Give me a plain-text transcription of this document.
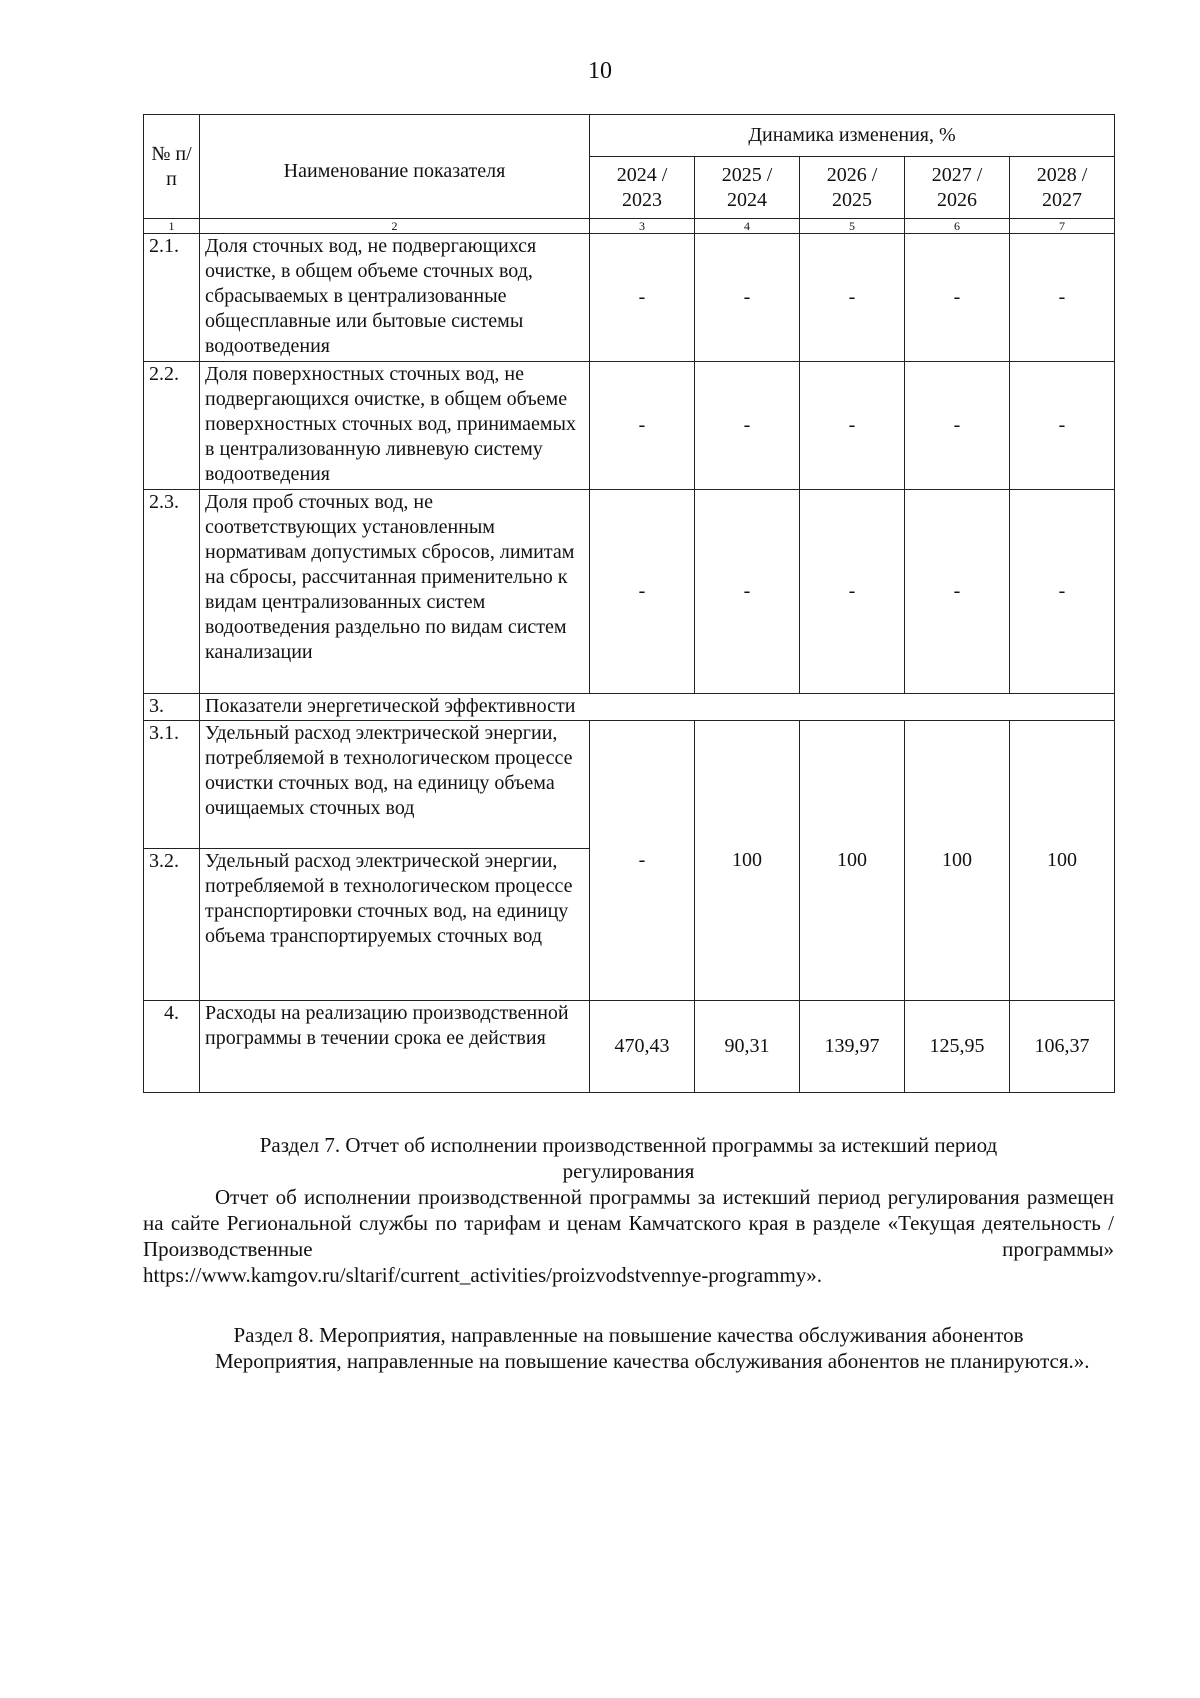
10
№ п/п	Наименование показателя	Динамика изменения, %				
		2024 / 2023	2025 / 2024	2026 / 2025	2027 / 2026	2028 / 2027
1	2	3	4	5	6	7
2.1.	Доля сточных вод, не подвергающихся очистке, в общем объеме сточных вод, сбрасываемых в централизованные общесплавные или бытовые системы водоотведения	-	-	-	-	-
2.2.	Доля поверхностных сточных вод, не подвергающихся очистке, в общем объеме поверхностных сточных вод, принимаемых в централизованную ливневую систему водоотведения	-	-	-	-	-
2.3.	Доля проб сточных вод, не соответствующих установленным нормативам допустимых сбросов, лимитам на сбросы, рассчитанная применительно к видам централизованных систем водоотведения раздельно по видам систем канализации	-	-	-	-	-
3.	Показатели энергетической эффективности					
3.1.	Удельный расход электрической энергии, потребляемой в технологическом процессе очистки сточных вод, на единицу объема очищаемых сточных вод	-	100	100	100	100
3.2.	Удельный расход электрической энергии, потребляемой в технологическом процессе транспортировки сточных вод, на единицу объема транспортируемых сточных вод					
4.	Расходы на реализацию производственной программы в течении срока ее действия	470,43	90,31	139,97	125,95	106,37
Раздел 7. Отчет об исполнении производственной программы за истекший период
регулирования
Отчет об исполнении производственной программы за истекший период регулирования размещен на сайте Региональной службы по тарифам и ценам Камчатского края в разделе «Текущая деятельность / Производственные программы»
https://www.kamgov.ru/sltarif/current_activities/proizvodstvennye-programmy».
Раздел 8. Мероприятия, направленные на повышение качества обслуживания абонентов
Мероприятия, направленные на повышение качества обслуживания абонентов не планируются.».
